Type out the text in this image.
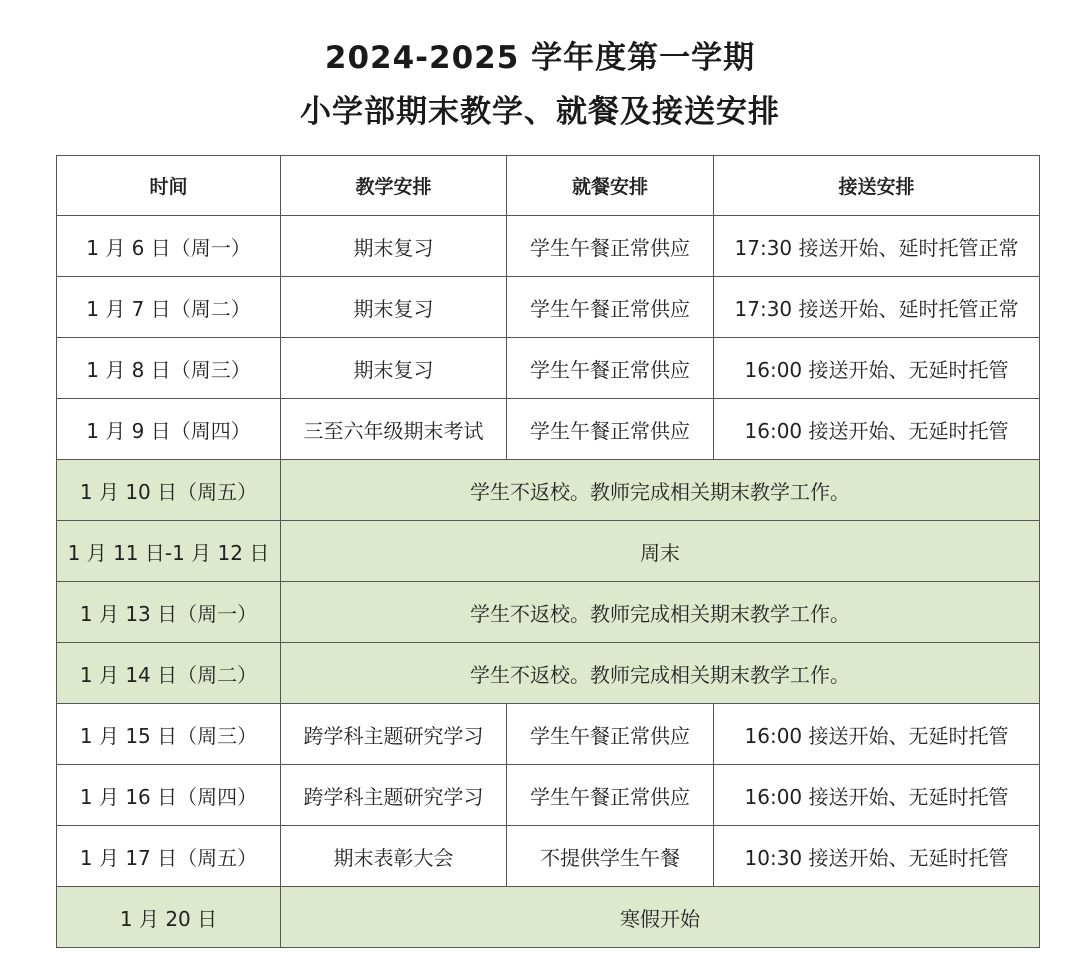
2024-2025 学年度第一学期
小学部期末教学、就餐及接送安排
时间	教学安排	就餐安排	接送安排
1 月 6 日（周一）	期末复习	学生午餐正常供应	17:30 接送开始、延时托管正常
1 月 7 日（周二）	期末复习	学生午餐正常供应	17:30 接送开始、延时托管正常
1 月 8 日（周三）	期末复习	学生午餐正常供应	16:00 接送开始、无延时托管
1 月 9 日（周四）	三至六年级期末考试	学生午餐正常供应	16:00 接送开始、无延时托管
1 月 10 日（周五）	学生不返校。教师完成相关期末教学工作。		
1 月 11 日-1 月 12 日	周末		
1 月 13 日（周一）	学生不返校。教师完成相关期末教学工作。		
1 月 14 日（周二）	学生不返校。教师完成相关期末教学工作。		
1 月 15 日（周三）	跨学科主题研究学习	学生午餐正常供应	16:00 接送开始、无延时托管
1 月 16 日（周四）	跨学科主题研究学习	学生午餐正常供应	16:00 接送开始、无延时托管
1 月 17 日（周五）	期末表彰大会	不提供学生午餐	10:30 接送开始、无延时托管
1 月 20 日	寒假开始		
